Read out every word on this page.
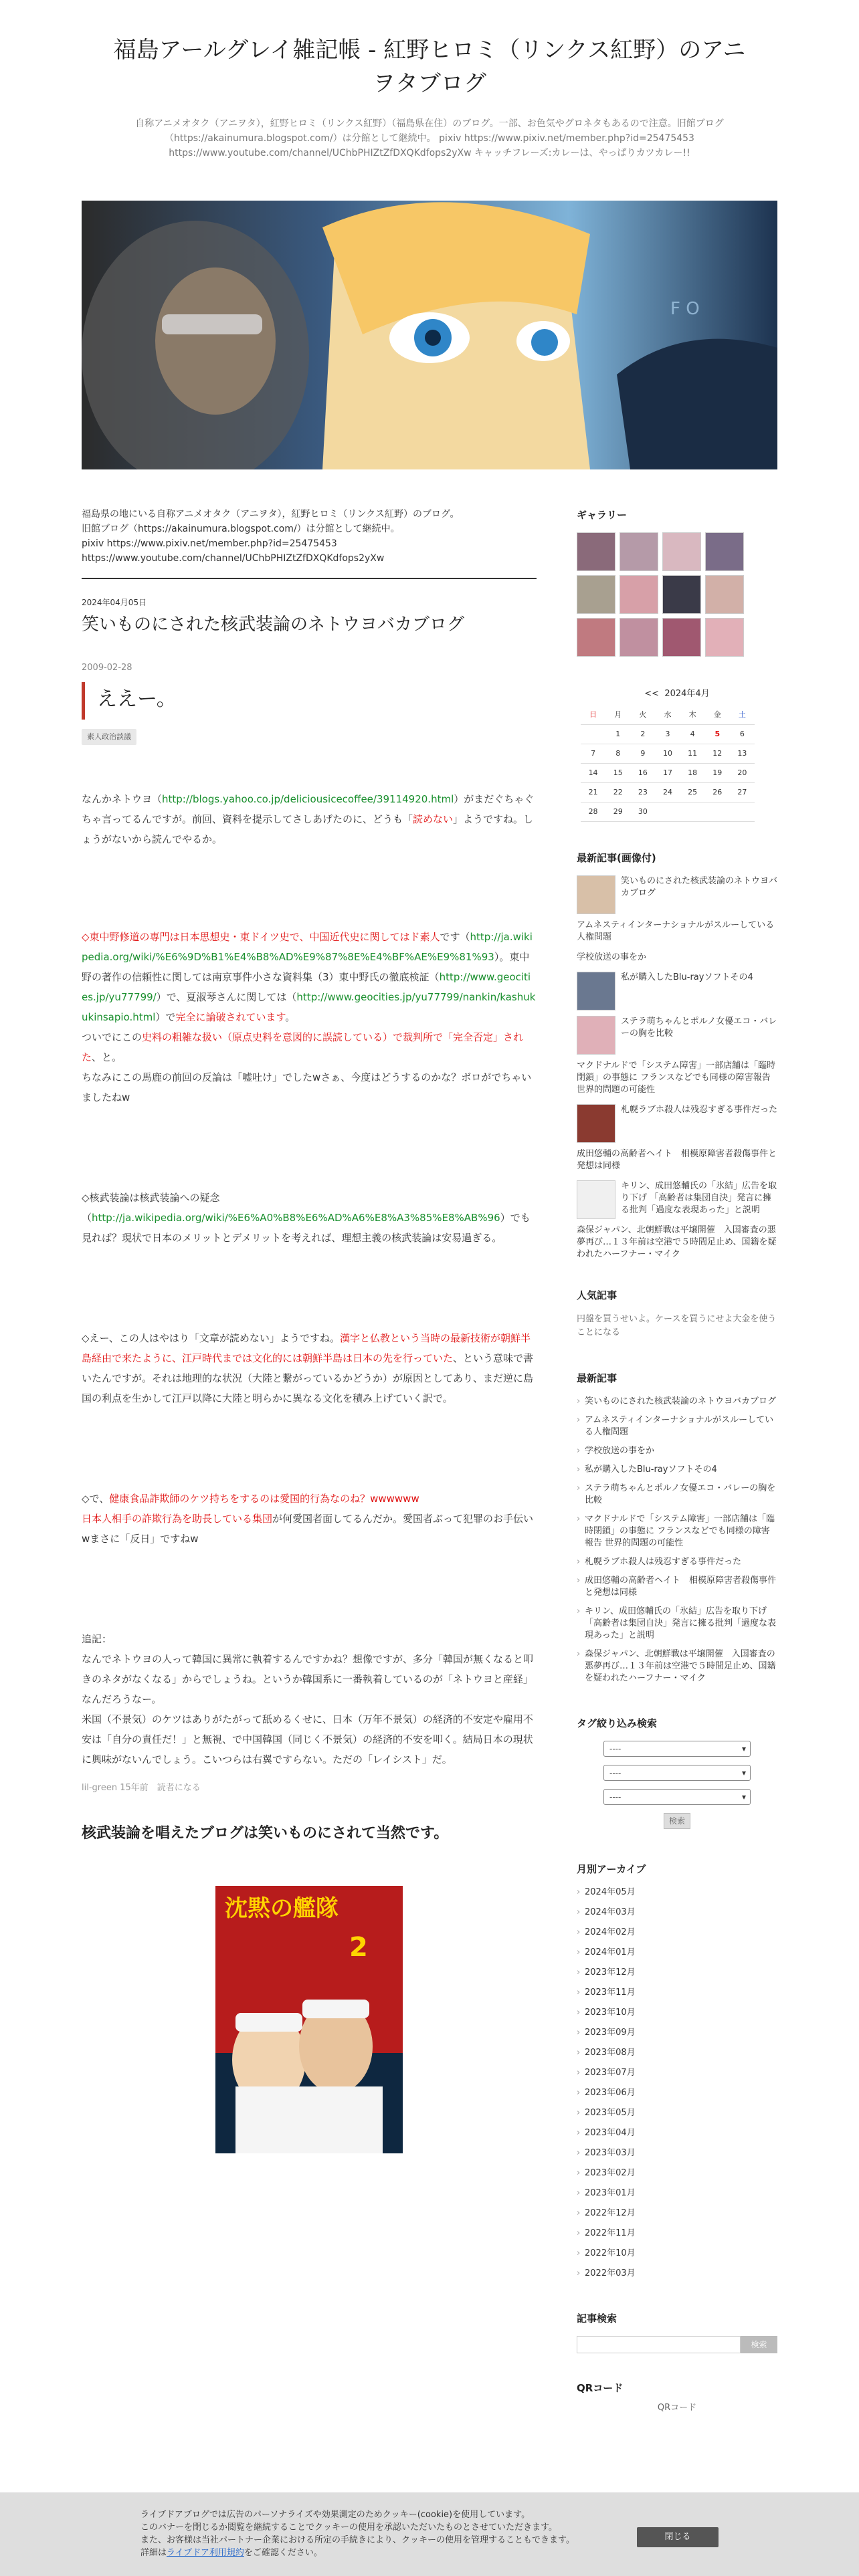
福島アールグレイ雑記帳 - 紅野ヒロミ（リンクス紅野）のアニヲタブログ

自称アニメオタク（アニヲタ），紅野ヒロミ（リンクス紅野）（福島県在住）のブログ。一部、お色気やグロネタもあるので注意。旧館ブログ（https://akainumura.blogspot.com/）は分館として継続中。 pixiv https://www.pixiv.net/member.php?id=25475453 https://www.youtube.com/channel/UChbPHIZtZfDXQKdfops2yXw キャッチフレーズ:カレーは、やっぱりカツカレー!!

F O
福島県の地にいる自称アニメオタク（アニヲタ），紅野ヒロミ（リンクス紅野）のブログ。
旧館ブログ（https://akainumura.blogspot.com/）は分館として継続中。
pixiv https://www.pixiv.net/member.php?id=25475453
https://www.youtube.com/channel/UChbPHIZtZfDXQKdfops2yXw
2024年04月05日
笑いものにされた核武装論のネトウヨバカブログ
2009-02-28
ええー。
素人政治談議

なんかネトウヨ（http://blogs.yahoo.co.jp/deliciousicecoffee/39114920.html）がまだぐちゃぐちゃ言ってるんですが。前回、資料を提示してさしあげたのに、どうも「読めない」ようですね。しょうがないから読んでやるか。

◇東中野修道の専門は日本思想史・東ドイツ史で、中国近代史に関してはド素人です（http://ja.wikipedia.org/wiki/%E6%9D%B1%E4%B8%AD%E9%87%8E%E4%BF%AE%E9%81%93）。東中野の著作の信頼性に関しては南京事件小さな資料集（3）東中野氏の徹底検証（http://www.geocities.jp/yu77799/）で、夏淑琴さんに関しては（http://www.geocities.jp/yu77799/nankin/kashukukinsapio.html）で完全に論破されています。
ついでにこの史料の粗雑な扱い（原点史料を意図的に誤読している）で裁判所で「完全否定」された、と。
ちなみにこの馬鹿の前回の反論は「嘘吐け」でしたwさぁ、今度はどうするのかな？ボロがでちゃいましたねw

◇核武装論は核武装論への疑念
（http://ja.wikipedia.org/wiki/%E6%A0%B8%E6%AD%A6%E8%A3%85%E8%AB%96）でも見れば？現状で日本のメリットとデメリットを考えれば、理想主義の核武装論は安易過ぎる。

◇えー、この人はやはり「文章が読めない」ようですね。漢字と仏教という当時の最新技術が朝鮮半島経由で来たように、江戸時代までは文化的には朝鮮半島は日本の先を行っていた、という意味で書いたんですが。それは地理的な状況（大陸と繋がっているかどうか）が原因としてあり、まだ逆に島国の利点を生かして江戸以降に大陸と明らかに異なる文化を積み上げていく訳で。

◇で、健康食品詐欺師のケツ持ちをするのは愛国的行為なのね？wwwwww
日本人相手の詐欺行為を助長している集団が何愛国者面してるんだか。愛国者ぶって犯罪のお手伝いwまさに「反日」ですねw

追記：
なんでネトウヨの人って韓国に異常に執着するんですかね？想像ですが、多分「韓国が無くなると叩きのネタがなくなる」からでしょうね。というか韓国系に一番執着しているのが「ネトウヨと産経」なんだろうなー。
米国（不景気）のケツはありがたがって舐めるくせに、日本（万年不景気）の経済的不安定や雇用不安は「自分の責任だ！」と無視、で中国韓国（同じく不景気）の経済的不安を叩く。結局日本の現状に興味がないんでしょう。こいつらは右翼ですらない。ただの「レイシスト」だ。

lil-green 15年前　読者になる
核武装論を唱えたブログは笑いものにされて当然です。
沈黙の艦隊
2
ギャラリー
<< 2024年4月
日	月	火	水	木	金	土
	1	2	3	4	5	6
7	8	9	10	11	12	13
14	15	16	17	18	19	20
21	22	23	24	25	26	27
28	29	30				
最新記事(画像付)
笑いものにされた核武装論のネトウヨバカブログ
アムネスティインターナショナルがスルーしている人権問題
学校放送の事をか
私が購入したBlu-rayソフトその4
ステラ萌ちゃんとポルノ女優エコ・バレーの胸を比較
マクドナルドで「システム障害」一部店舗は「臨時閉鎖」の事態に フランスなどでも同様の障害報告 世界的問題の可能性
札幌ラブホ殺人は残忍すぎる事件だった
成田悠輔の高齢者ヘイト　相模原障害者殺傷事件と発想は同様
キリン、成田悠輔氏の「氷結」広告を取り下げ 「高齢者は集団自決」発言に擁る批判「過度な表現あった」と説明
森保ジャパン、北朝鮮戦は平壌開催　入国審査の悪夢再び…１３年前は空港で５時間足止め、国籍を疑われたハーフナー・マイク
人気記事
円盤を買うせいよ。ケースを買うにせよ大金を使うことになる
最新記事
› 笑いものにされた核武装論のネトウヨバカブログ
› アムネスティインターナショナルがスルーしている人権問題
› 学校放送の事をか
› 私が購入したBlu-rayソフトその4
› ステラ萌ちゃんとポルノ女優エコ・バレーの胸を比較
› マクドナルドで「システム障害」一部店舗は「臨時閉鎖」の事態に フランスなどでも同様の障害報告 世界的問題の可能性
› 札幌ラブホ殺人は残忍すぎる事件だった
› 成田悠輔の高齢者ヘイト　相模原障害者殺傷事件と発想は同様
› キリン、成田悠輔氏の「氷結」広告を取り下げ 「高齢者は集団自決」発言に擁る批判「過度な表現あった」と説明
› 森保ジャパン、北朝鮮戦は平壌開催　入国審査の悪夢再び…１３年前は空港で５時間足止め、国籍を疑われたハーフナー・マイク
タグ絞り込み検索
---- ▾
---- ▾
---- ▾
検索
月別アーカイブ
› 2024年05月
› 2024年03月
› 2024年02月
› 2024年01月
› 2023年12月
› 2023年11月
› 2023年10月
› 2023年09月
› 2023年08月
› 2023年07月
› 2023年06月
› 2023年05月
› 2023年04月
› 2023年03月
› 2023年02月
› 2023年01月
› 2022年12月
› 2022年11月
› 2022年10月
› 2022年03月
記事検索
検索
QRコード
QRコード
ライブドアブログでは広告のパーソナライズや効果測定のためクッキー(cookie)を使用しています。
このバナーを閉じるか閲覧を継続することでクッキーの使用を承認いただいたものとさせていただきます。
また、お客様は当社パートナー企業における所定の手続きにより、クッキーの使用を管理することもできます。
詳細はライブドア利用規約をご確認ください。
閉じる
